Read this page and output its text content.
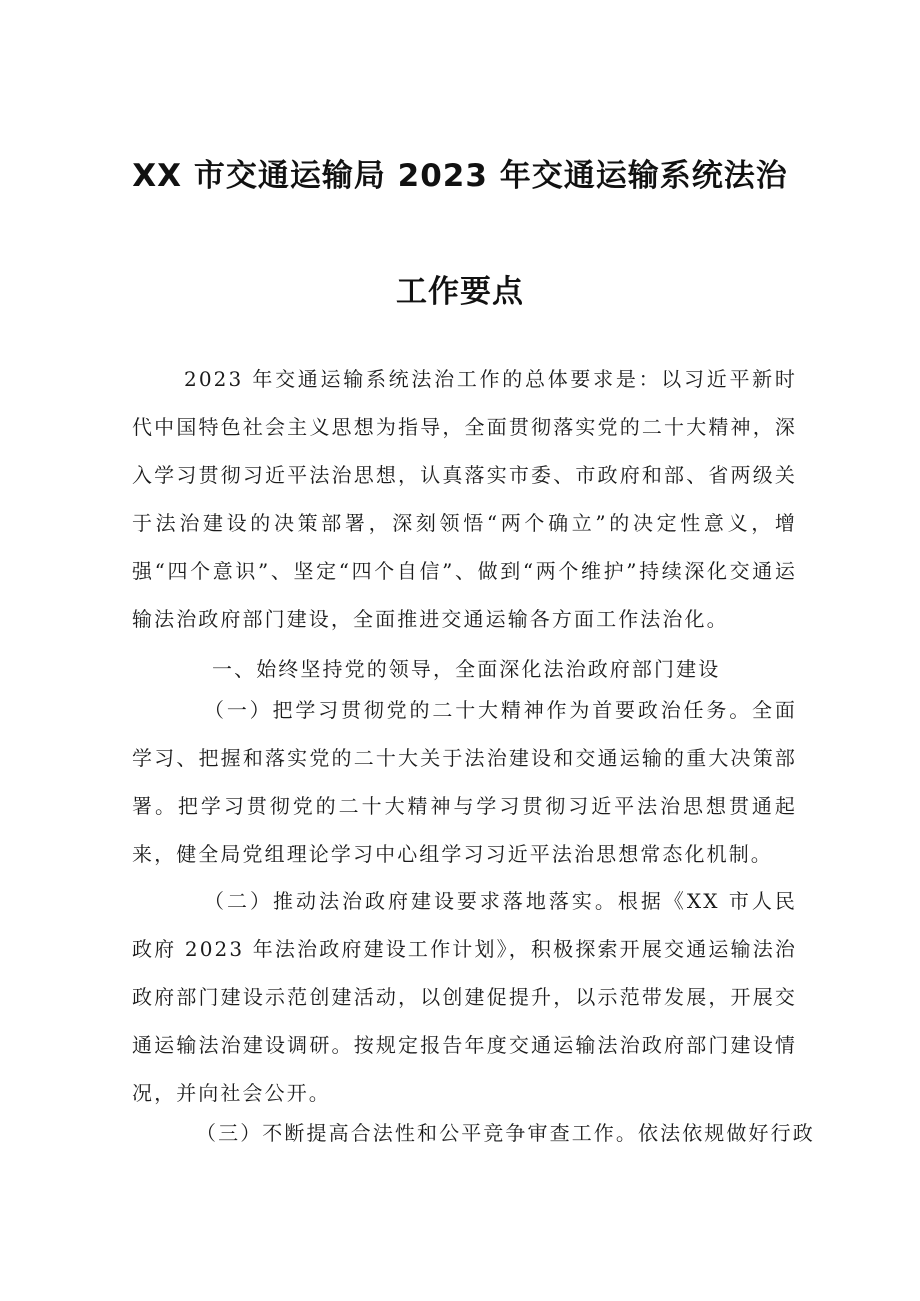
XX 市交通运输局 2023 年交通运输系统法治
工作要点
2023 年交通运输系统法治工作的总体要求是：以习近平新时代中国特色社会主义思想为指导，全面贯彻落实党的二十大精神，深入学习贯彻习近平法治思想，认真落实市委、市政府和部、省两级关于法治建设的决策部署，深刻领悟“两个确立”的决定性意义，增强“四个意识”、坚定“四个自信”、做到“两个维护”持续深化交通运输法治政府部门建设，全面推进交通运输各方面工作法治化。
一、始终坚持党的领导，全面深化法治政府部门建设
（一）把学习贯彻党的二十大精神作为首要政治任务。全面学习、把握和落实党的二十大关于法治建设和交通运输的重大决策部署。把学习贯彻党的二十大精神与学习贯彻习近平法治思想贯通起来，健全局党组理论学习中心组学习习近平法治思想常态化机制。
（二）推动法治政府建设要求落地落实。根据《XX 市人民政府 2023 年法治政府建设工作计划》，积极探索开展交通运输法治政府部门建设示范创建活动，以创建促提升，以示范带发展，开展交通运输法治建设调研。按规定报告年度交通运输法治政府部门建设情况，并向社会公开。
（三）不断提高合法性和公平竞争审查工作。依法依规做好行政
